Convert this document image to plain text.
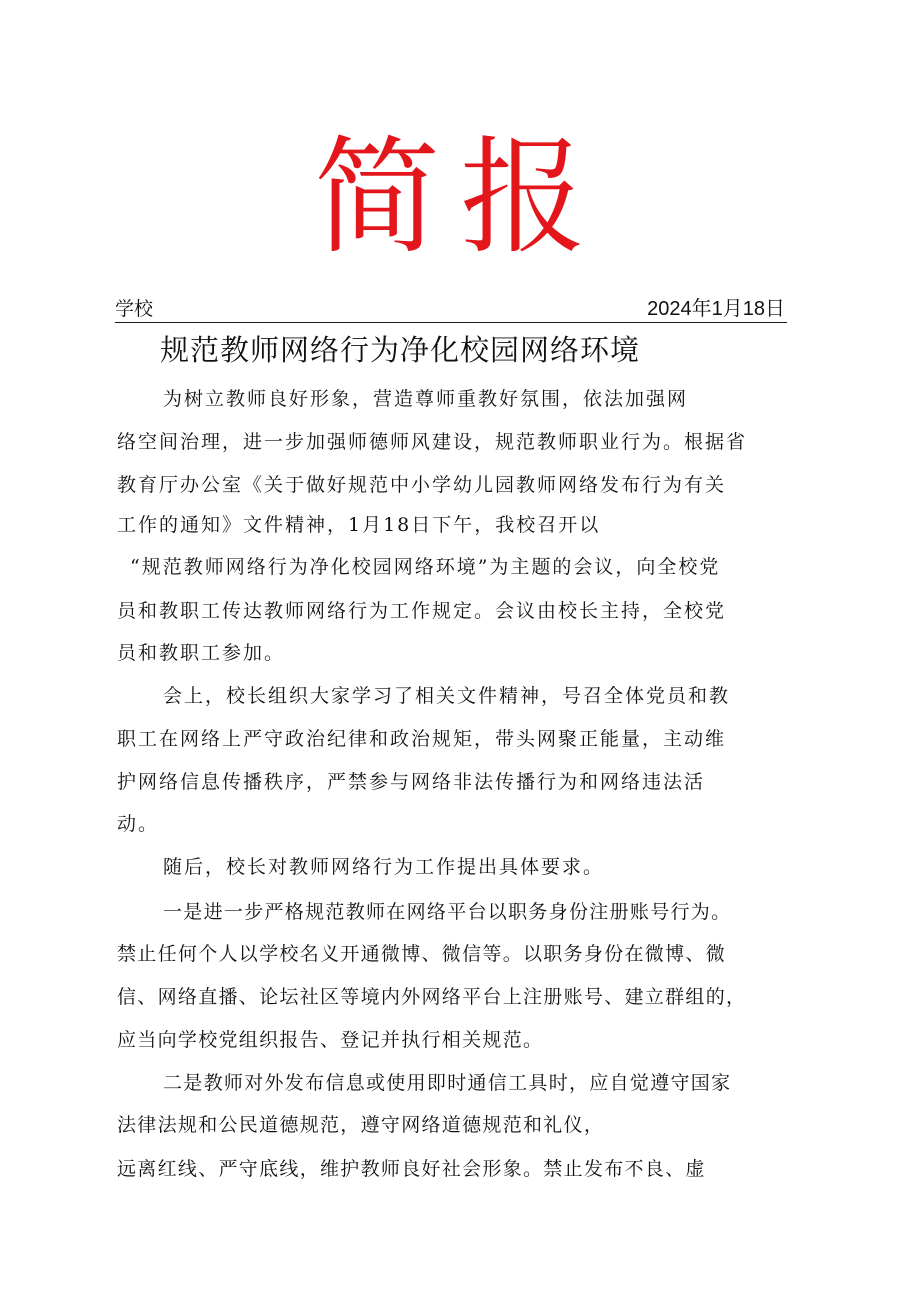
简报
学校	2024年1月18日
规范教师网络行为净化校园网络环境
为树立教师良好形象，营造尊师重教好氛围，依法加强网
络空间治理，进一步加强师德师风建设，规范教师职业行为。根据省
教育厅办公室《关于做好规范中小学幼儿园教师网络发布行为有关
工作的通知》文件精神，1月18日下午，我校召开以
“规范教师网络行为净化校园网络环境”为主题的会议，向全校党
员和教职工传达教师网络行为工作规定。会议由校长主持，全校党
员和教职工参加。
会上，校长组织大家学习了相关文件精神，号召全体党员和教
职工在网络上严守政治纪律和政治规矩，带头网聚正能量，主动维
护网络信息传播秩序，严禁参与网络非法传播行为和网络违法活
动。
随后，校长对教师网络行为工作提出具体要求。
一是进一步严格规范教师在网络平台以职务身份注册账号行为。
禁止任何个人以学校名义开通微博、微信等。以职务身份在微博、微
信、网络直播、论坛社区等境内外网络平台上注册账号、建立群组的，
应当向学校党组织报告、登记并执行相关规范。
二是教师对外发布信息或使用即时通信工具时，应自觉遵守国家
法律法规和公民道德规范，遵守网络道德规范和礼仪，
远离红线、严守底线，维护教师良好社会形象。禁止发布不良、虚
